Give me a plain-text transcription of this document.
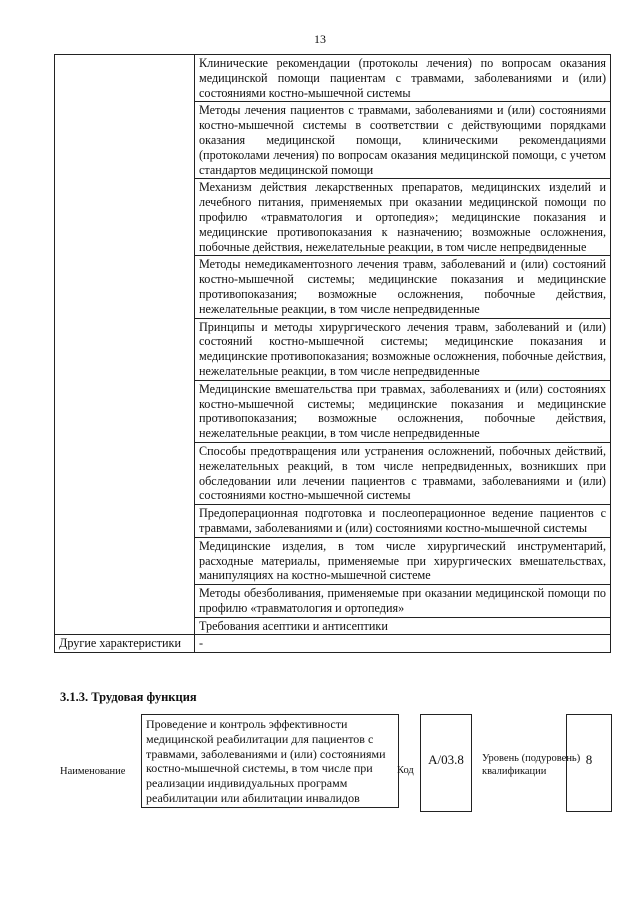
13
	Клинические рекомендации (протоколы лечения) по вопросам оказания медицинской помощи пациентам с травмами, заболеваниями и (или) состояниями костно-мышечной системы
	Методы лечения пациентов с травмами, заболеваниями и (или) состояниями костно-мышечной системы в соответствии с действующими порядками оказания медицинской помощи, клиническими рекомендациями (протоколами лечения) по вопросам оказания медицинской помощи, с учетом стандартов медицинской помощи
	Механизм действия лекарственных препаратов, медицинских изделий и лечебного питания, применяемых при оказании медицинской помощи по профилю «травматология и ортопедия»; медицинские показания и медицинские противопоказания к назначению; возможные осложнения, побочные действия, нежелательные реакции, в том числе непредвиденные
	Методы немедикаментозного лечения травм, заболеваний и (или) состояний костно-мышечной системы; медицинские показания и медицинские противопоказания; возможные осложнения, побочные действия, нежелательные реакции, в том числе непредвиденные
	Принципы и методы хирургического лечения травм, заболеваний и (или) состояний костно-мышечной системы; медицинские показания и медицинские противопоказания; возможные осложнения, побочные действия, нежелательные реакции, в том числе непредвиденные
	Медицинские вмешательства при травмах, заболеваниях и (или) состояниях костно-мышечной системы; медицинские показания и медицинские противопоказания; возможные осложнения, побочные действия, нежелательные реакции, в том числе непредвиденные
	Способы предотвращения или устранения осложнений, побочных действий, нежелательных реакций, в том числе непредвиденных, возникших при обследовании или лечении пациентов с травмами, заболеваниями и (или) состояниями костно-мышечной системы
	Предоперационная подготовка и послеоперационное ведение пациентов с травмами, заболеваниями и (или) состояниями костно-мышечной системы
	Медицинские изделия, в том числе хирургический инструментарий, расходные материалы, применяемые при хирургических вмешательствах, манипуляциях на костно-мышечной системе
	Методы обезболивания, применяемые при оказании медицинской помощи по профилю «травматология и ортопедия»
	Требования асептики и антисептики
Другие характеристики	-
3.1.3. Трудовая функция
Наименование
Проведение и контроль эффективности медицинской реабилитации для пациентов с травмами, заболеваниями и (или) состояниями костно-мышечной системы, в том числе при реализации индивидуальных программ реабилитации или абилитации инвалидов
Код
А/03.8	Уровень (подуровень) квалификации
8
